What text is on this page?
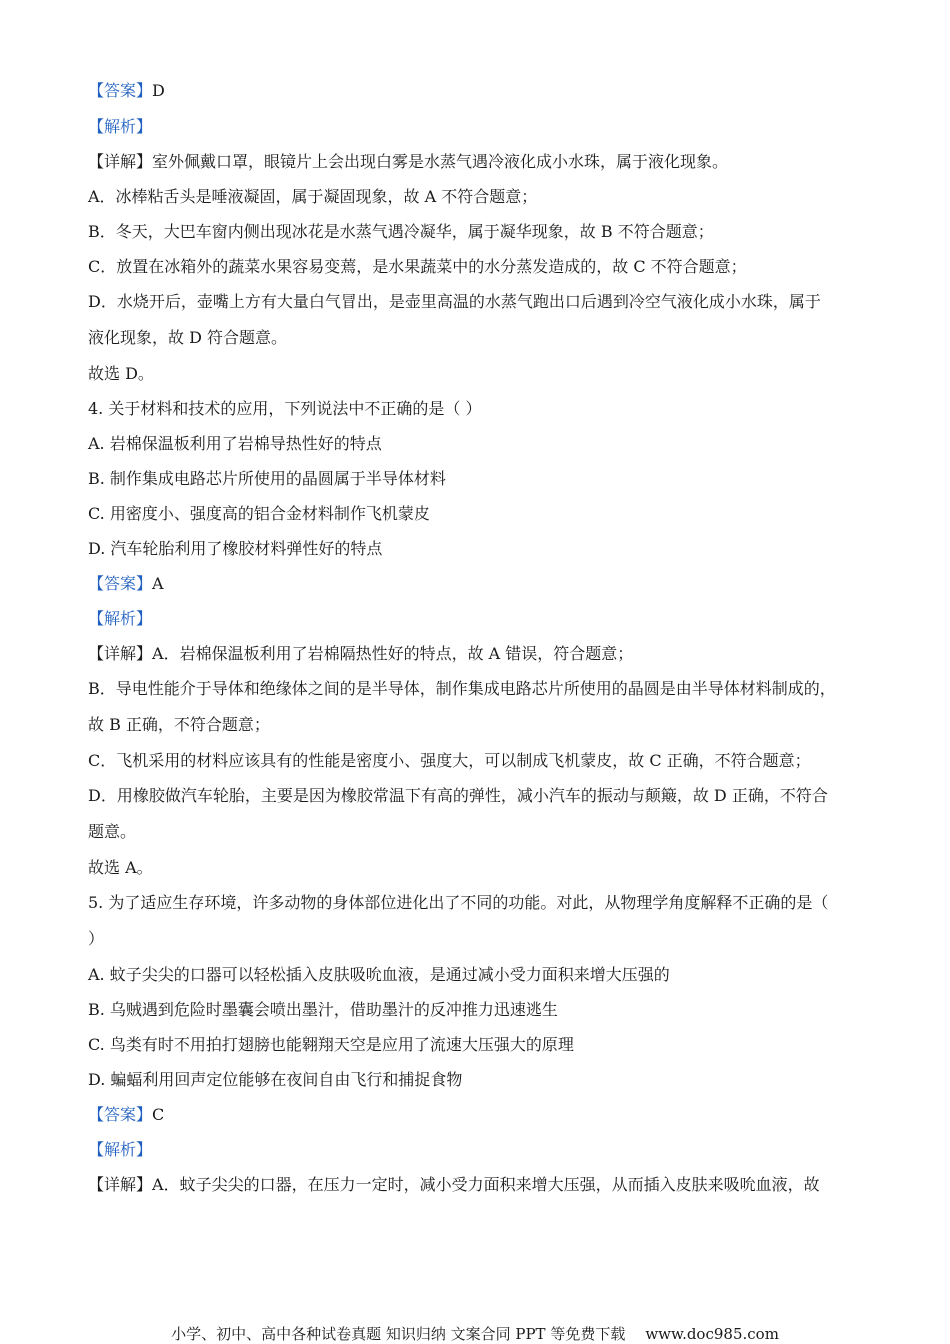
【答案】D
【解析】
【详解】室外佩戴口罩，眼镜片上会出现白雾是水蒸气遇冷液化成小水珠，属于液化现象。
A．冰棒粘舌头是唾液凝固，属于凝固现象，故 A 不符合题意；
B．冬天，大巴车窗内侧出现冰花是水蒸气遇冷凝华，属于凝华现象，故 B 不符合题意；
C．放置在冰箱外的蔬菜水果容易变蔫，是水果蔬菜中的水分蒸发造成的，故 C 不符合题意；
D．水烧开后，壶嘴上方有大量白气冒出，是壶里高温的水蒸气跑出口后遇到冷空气液化成小水珠，属于
液化现象，故 D 符合题意。
故选 D。
4. 关于材料和技术的应用，下列说法中不正确的是（ ）
A. 岩棉保温板利用了岩棉导热性好的特点
B. 制作集成电路芯片所使用的晶圆属于半导体材料
C. 用密度小、强度高的铝合金材料制作飞机蒙皮
D. 汽车轮胎利用了橡胶材料弹性好的特点
【答案】A
【解析】
【详解】A．岩棉保温板利用了岩棉隔热性好的特点，故 A 错误，符合题意；
B．导电性能介于导体和绝缘体之间的是半导体，制作集成电路芯片所使用的晶圆是由半导体材料制成的，
故 B 正确，不符合题意；
C．飞机采用的材料应该具有的性能是密度小、强度大，可以制成飞机蒙皮，故 C 正确，不符合题意；
D．用橡胶做汽车轮胎，主要是因为橡胶常温下有高的弹性，减小汽车的振动与颠簸，故 D 正确，不符合
题意。
故选 A。
5. 为了适应生存环境，许多动物的身体部位进化出了不同的功能。对此，从物理学角度解释不正确的是（
）
A. 蚊子尖尖的口器可以轻松插入皮肤吸吮血液，是通过减小受力面积来增大压强的
B. 乌贼遇到危险时墨囊会喷出墨汁，借助墨汁的反冲推力迅速逃生
C. 鸟类有时不用拍打翅膀也能翱翔天空是应用了流速大压强大的原理
D. 蝙蝠利用回声定位能够在夜间自由飞行和捕捉食物
【答案】C
【解析】
【详解】A．蚊子尖尖的口器，在压力一定时，减小受力面积来增大压强，从而插入皮肤来吸吮血液，故
小学、初中、高中各种试卷真题 知识归纳 文案合同 PPT 等免费下载 www.doc985.com
